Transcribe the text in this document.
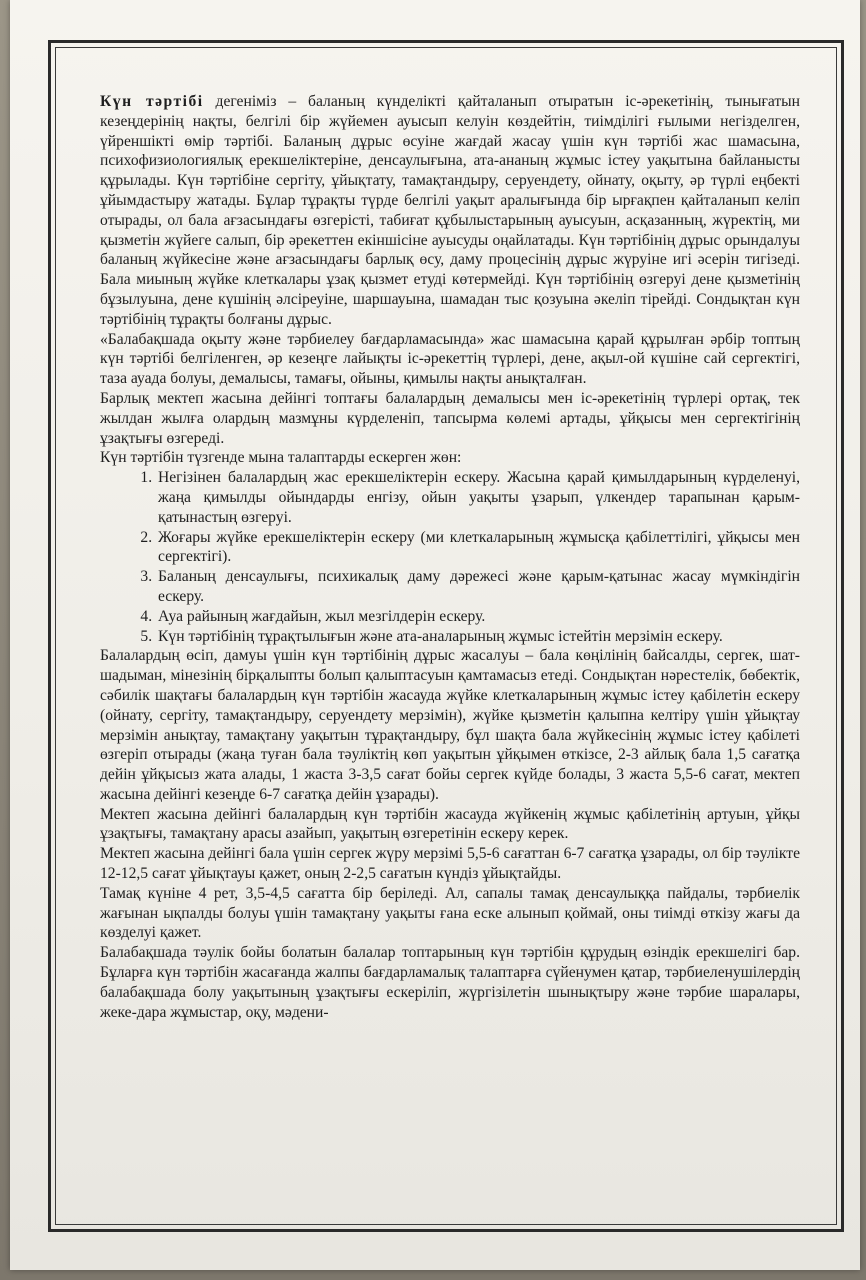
Күн тәртібі дегеніміз – баланың күнделікті қайталанып отыратын іс-әрекетінің, тынығатын кезеңдерінің нақты, белгілі бір жүйемен ауысып келуін көздейтін, тиімділігі ғылыми негізделген, үйреншікті өмір тәртібі. Баланың дұрыс өсуіне жағдай жасау үшін күн тәртібі жас шамасына, психофизиологиялық ерекшеліктеріне, денсаулығына, ата-ананың жұмыс істеу уақытына байланысты құрылады. Күн тәртібіне сергіту, ұйықтату, тамақтандыру, серуендету, ойнату, оқыту, әр түрлі еңбекті ұйымдастыру жатады. Бұлар тұрақты түрде белгілі уақыт аралығында бір ырғақпен қайталанып келіп отырады, ол бала ағзасындағы өзгерісті, табиғат құбылыстарының ауысуын, асқазанның, жүректің, ми қызметін жүйеге салып, бір әрекеттен екіншісіне ауысуды оңайлатады. Күн тәртібінің дұрыс орындалуы баланың жүйкесіне және ағзасындағы барлық өсу, даму процесінің дұрыс жүруіне игі әсерін тигізеді. Бала миының жүйке клеткалары ұзақ қызмет етуді көтермейді. Күн тәртібінің өзгеруі дене қызметінің бұзылуына, дене күшінің әлсіреуіне, шаршауына, шамадан тыс қозуына әкеліп тірейді. Сондықтан күн тәртібінің тұрақты болғаны дұрыс.

«Балабақшада оқыту және тәрбиелеу бағдарламасында» жас шамасына қарай құрылған әрбір топтың күн тәртібі белгіленген, әр кезеңге лайықты іс-әрекеттің түрлері, дене, ақыл-ой күшіне сай сергектігі, таза ауада болуы, демалысы, тамағы, ойыны, қимылы нақты анықталған.

Барлық мектеп жасына дейінгі топтағы балалардың демалысы мен іс-әрекетінің түрлері ортақ, тек жылдан жылға олардың мазмұны күрделеніп, тапсырма көлемі артады, ұйқысы мен сергектігінің ұзақтығы өзгереді.

Күн тәртібін түзгенде мына талаптарды ескерген жөн:

1. Негізінен балалардың жас ерекшеліктерін ескеру. Жасына қарай қимылдарының күрделенуі, жаңа қимылды ойындарды енгізу, ойын уақыты ұзарып, үлкендер тарапынан қарым-қатынастың өзгеруі.
2. Жоғары жүйке ерекшеліктерін ескеру (ми клеткаларының жұмысқа қабілеттілігі, ұйқысы мен сергектігі).
3. Баланың денсаулығы, психикалық даму дәрежесі және қарым-қатынас жасау мүмкіндігін ескеру.
4. Ауа райының жағдайын, жыл мезгілдерін ескеру.
5. Күн тәртібінің тұрақтылығын және ата-аналарының жұмыс істейтін мерзімін ескеру.

Балалардың өсіп, дамуы үшін күн тәртібінің дұрыс жасалуы – бала көңілінің байсалды, сергек, шат-шадыман, мінезінің бірқалыпты болып қалыптасуын қамтамасыз етеді. Сондықтан нәрестелік, бөбектік, сәбилік шақтағы балалардың күн тәртібін жасауда жүйке клеткаларының жұмыс істеу қабілетін ескеру (ойнату, сергіту, тамақтандыру, серуендету мерзімін), жүйке қызметін қалыпна келтіру үшін ұйықтау мерзімін анықтау, тамақтану уақытын тұрақтандыру, бұл шақта бала жүйкесінің жұмыс істеу қабілеті өзгеріп отырады (жаңа туған бала тәуліктің көп уақытын ұйқымен өткізсе, 2-3 айлық бала 1,5 сағатқа дейін ұйқысыз жата алады, 1 жаста 3-3,5 сағат бойы сергек күйде болады, 3 жаста 5,5-6 сағат, мектеп жасына дейінгі кезеңде 6-7 сағатқа дейін ұзарады).

Мектеп жасына дейінгі балалардың күн тәртібін жасауда жүйкенің жұмыс қабілетінің артуын, ұйқы ұзақтығы, тамақтану арасы азайып, уақытың өзгеретінін ескеру керек.

Мектеп жасына дейінгі бала үшін сергек жүру мерзімі 5,5-6 сағаттан 6-7 сағатқа ұзарады, ол бір тәулікте 12-12,5 сағат ұйықтауы қажет, оның 2-2,5 сағатын күндіз ұйықтайды.

Тамақ күніне 4 рет, 3,5-4,5 сағатта бір беріледі. Ал, сапалы тамақ денсаулыққа пайдалы, тәрбиелік жағынан ықпалды болуы үшін тамақтану уақыты ғана еске алынып қоймай, оны тиімді өткізу жағы да көзделуі қажет.

Балабақшада тәулік бойы болатын балалар топтарының күн тәртібін құрудың өзіндік ерекшелігі бар. Бұларға күн тәртібін жасағанда жалпы бағдарламалық талаптарға сүйенумен қатар, тәрбиеленушілердің балабақшада болу уақытының ұзақтығы ескеріліп, жүргізілетін шынықтыру және тәрбие шаралары, жеке-дара жұмыстар, оқу, мәдени-
